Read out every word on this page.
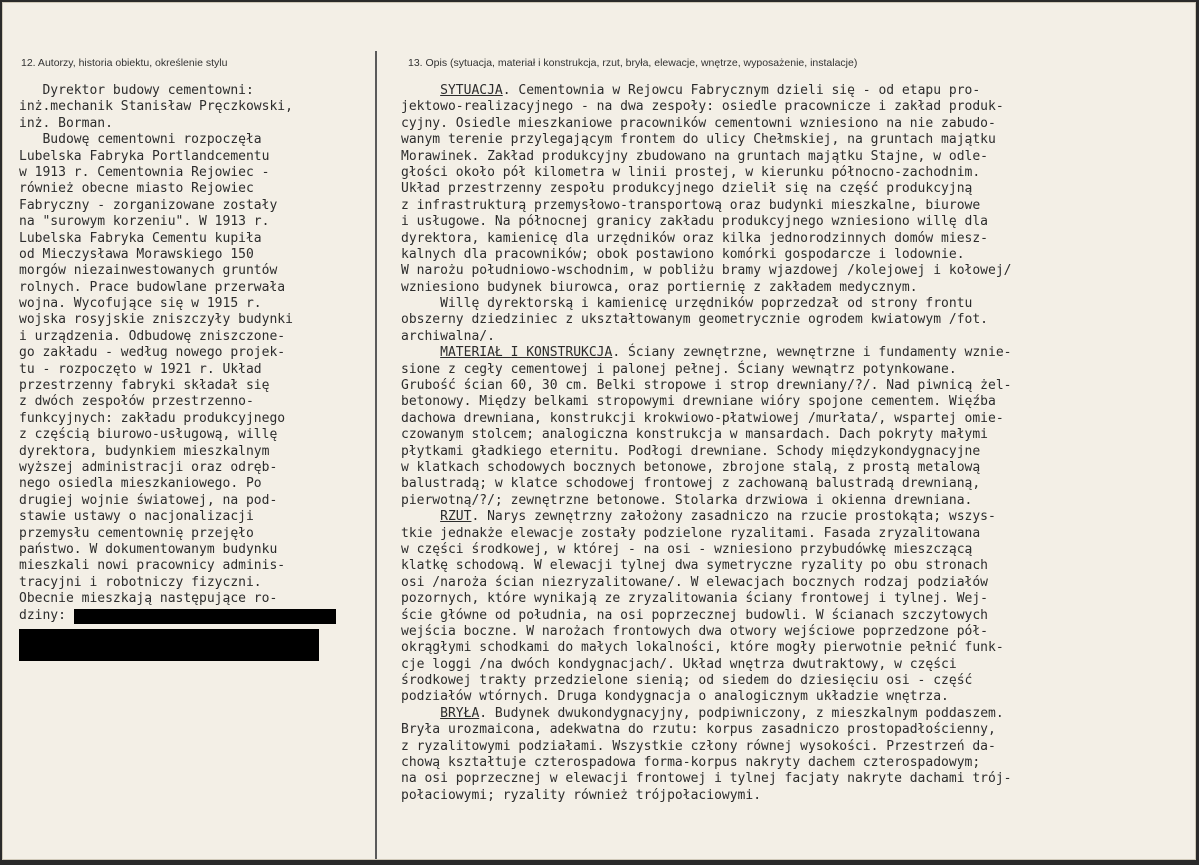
12. Autorzy, historia obiektu, określenie stylu	13. Opis (sytuacja, materiał i konstrukcja, rzut, bryła, elewacje, wnętrze, wyposażenie, instalacje)
Dyrektor budowy cementowni:
inż.mechanik Stanisław Pręczkowski,
inż. Borman.
Budowę cementowni rozpoczęła
Lubelska Fabryka Portlandcementu
w 1913 r. Cementownia Rejowiec -
również obecne miasto Rejowiec
Fabryczny - zorganizowane zostały
na "surowym korzeniu". W 1913 r.
Lubelska Fabryka Cementu kupiła
od Mieczysława Morawskiego 150
morgów niezainwestowanych gruntów
rolnych. Prace budowlane przerwała
wojna. Wycofujące się w 1915 r.
wojska rosyjskie zniszczyły budynki
i urządzenia. Odbudowę zniszczone-
go zakładu - według nowego projek-
tu - rozpoczęto w 1921 r. Układ
przestrzenny fabryki składał się
z dwóch zespołów przestrzenno-
funkcyjnych: zakładu produkcyjnego
z częścią biurowo-usługową, willę
dyrektora, budynkiem mieszkalnym
wyższej administracji oraz odręb-
nego osiedla mieszkaniowego. Po
drugiej wojnie światowej, na pod-
stawie ustawy o nacjonalizacji
przemysłu cementownię przejęło
państwo. W dokumentowanym budynku
mieszkali nowi pracownicy adminis-
tracyjni i robotniczy fizyczni.
Obecnie mieszkają następujące ro-
dziny:
SYTUACJA. Cementownia w Rejowcu Fabrycznym dzieli się - od etapu pro-
jektowo-realizacyjnego - na dwa zespoły: osiedle pracownicze i zakład produk-
cyjny. Osiedle mieszkaniowe pracowników cementowni wzniesiono na nie zabudo-
wanym terenie przylegającym frontem do ulicy Chełmskiej, na gruntach majątku
Morawinek. Zakład produkcyjny zbudowano na gruntach majątku Stajne, w odle-
głości około pół kilometra w linii prostej, w kierunku północno-zachodnim.
Układ przestrzenny zespołu produkcyjnego dzielił się na część produkcyjną
z infrastrukturą przemysłowo-transportową oraz budynki mieszkalne, biurowe
i usługowe. Na północnej granicy zakładu produkcyjnego wzniesiono willę dla
dyrektora, kamienicę dla urzędników oraz kilka jednorodzinnych domów miesz-
kalnych dla pracowników; obok postawiono komórki gospodarcze i lodownie.
W narożu południowo-wschodnim, w pobliżu bramy wjazdowej /kolejowej i kołowej/
wzniesiono budynek biurowca, oraz portiernię z zakładem medycznym.
Willę dyrektorską i kamienicę urzędników poprzedzał od strony frontu
obszerny dziedziniec z ukształtowanym geometrycznie ogrodem kwiatowym /fot.
archiwalna/.
MATERIAŁ I KONSTRUKCJA. Ściany zewnętrzne, wewnętrzne i fundamenty wznie-
sione z cegły cementowej i palonej pełnej. Ściany wewnątrz potynkowane.
Grubość ścian 60, 30 cm. Belki stropowe i strop drewniany/?/. Nad piwnicą żel-
betonowy. Między belkami stropowymi drewniane wióry spojone cementem. Więźba
dachowa drewniana, konstrukcji krokwiowo-płatwiowej /murłata/, wspartej omie-
czowanym stolcem; analogiczna konstrukcja w mansardach. Dach pokryty małymi
płytkami gładkiego eternitu. Podłogi drewniane. Schody międzykondygnacyjne
w klatkach schodowych bocznych betonowe, zbrojone stalą, z prostą metalową
balustradą; w klatce schodowej frontowej z zachowaną balustradą drewnianą,
pierwotną/?/; zewnętrzne betonowe. Stolarka drzwiowa i okienna drewniana.
RZUT. Narys zewnętrzny założony zasadniczo na rzucie prostokąta; wszys-
tkie jednakże elewacje zostały podzielone ryzalitami. Fasada zryzalitowana
w części środkowej, w której - na osi - wzniesiono przybudówkę mieszczącą
klatkę schodową. W elewacji tylnej dwa symetryczne ryzality po obu stronach
osi /naroża ścian niezryzalitowane/. W elewacjach bocznych rodzaj podziałów
pozornych, które wynikają ze zryzalitowania ściany frontowej i tylnej. Wej-
ście główne od południa, na osi poprzecznej budowli. W ścianach szczytowych
wejścia boczne. W narożach frontowych dwa otwory wejściowe poprzedzone pół-
okrągłymi schodkami do małych lokalności, które mogły pierwotnie pełnić funk-
cje loggi /na dwóch kondygnacjach/. Układ wnętrza dwutraktowy, w części
środkowej trakty przedzielone sienią; od siedem do dziesięciu osi - część
podziałów wtórnych. Druga kondygnacja o analogicznym układzie wnętrza.
BRYŁA. Budynek dwukondygnacyjny, podpiwniczony, z mieszkalnym poddaszem.
Bryła urozmaicona, adekwatna do rzutu: korpus zasadniczo prostopadłościenny,
z ryzalitowymi podziałami. Wszystkie człony równej wysokości. Przestrzeń da-
chową kształtuje czterospadowa forma-korpus nakryty dachem czterospadowym;
na osi poprzecznej w elewacji frontowej i tylnej facjaty nakryte dachami trój-
połaciowymi; ryzality również trójpołaciowymi.
